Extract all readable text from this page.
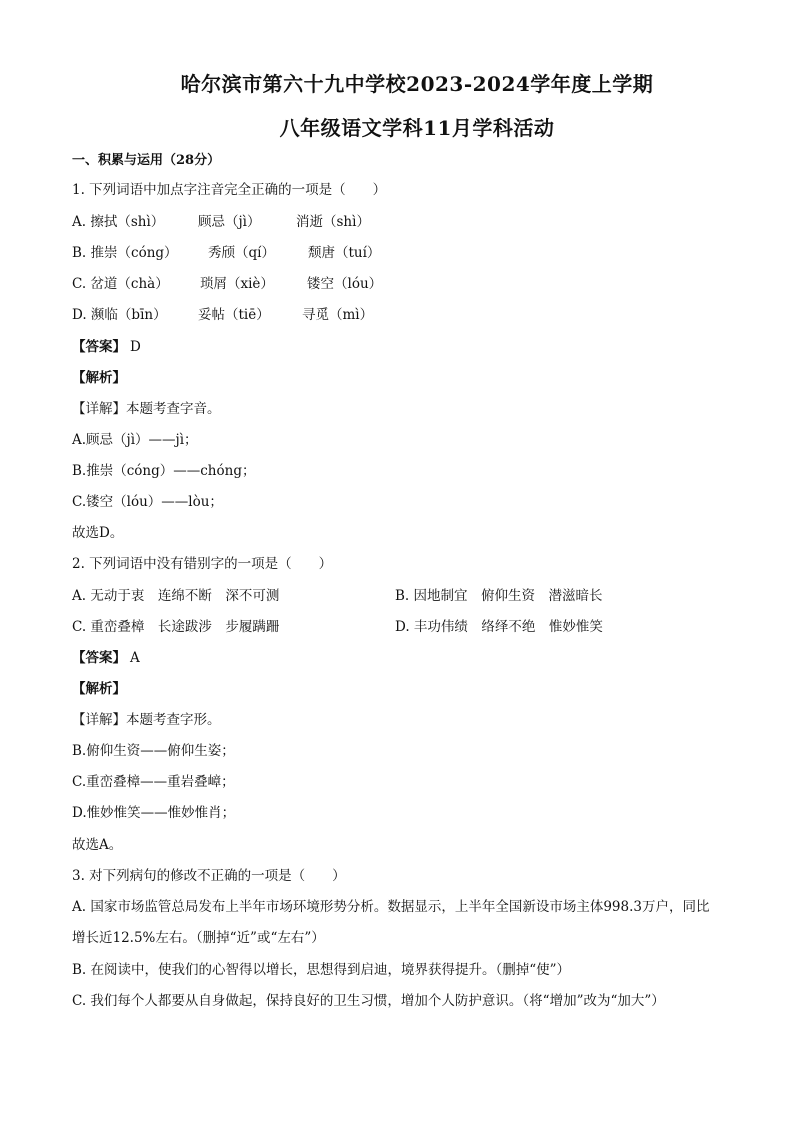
哈尔滨市第六十九中学校2023-2024学年度上学期
八年级语文学科11月学科活动
一、积累与运用（28分）
1. 下列词语中加点字注音完全正确的一项是（　　）
A. 擦拭（shì） 顾忌（jì）	消逝（shì）
B. 推崇（cóng） 秀颀（qí） 颓唐（tuí）
C. 岔道（chà） 琐屑（xiè） 镂空（lóu）
D. 濒临（bīn） 妥帖（tiē） 寻觅（mì）
【答案】 D
【解析】
【详解】本题考查字音。
A.顾忌（jì）——jì；
B.推崇（cóng）——chóng；
C.镂空（lóu）——lòu；
故选D。
2. 下列词语中没有错别字的一项是（　　）
A. 无动于衷　连绵不断　深不可测	B. 因地制宜　俯仰生资　潜滋暗长
C. 重峦叠樟　长途跋涉　步履蹒跚	D. 丰功伟绩　络绎不绝　惟妙惟笑
【答案】 A
【解析】
【详解】本题考查字形。
B.俯仰生资——俯仰生姿；
C.重峦叠樟——重岩叠嶂；
D.惟妙惟笑——惟妙惟肖；
故选A。
3. 对下列病句的修改不正确的一项是（　　）
A. 国家市场监管总局发布上半年市场环境形势分析。数据显示，上半年全国新设市场主体998.3万户，同比增长近12.5%左右。（删掉“近”或“左右”）
B. 在阅读中，使我们的心智得以增长，思想得到启迪，境界获得提升。（删掉“使”）
C. 我们每个人都要从自身做起，保持良好的卫生习惯，增加个人防护意识。（将“增加”改为“加大”）
